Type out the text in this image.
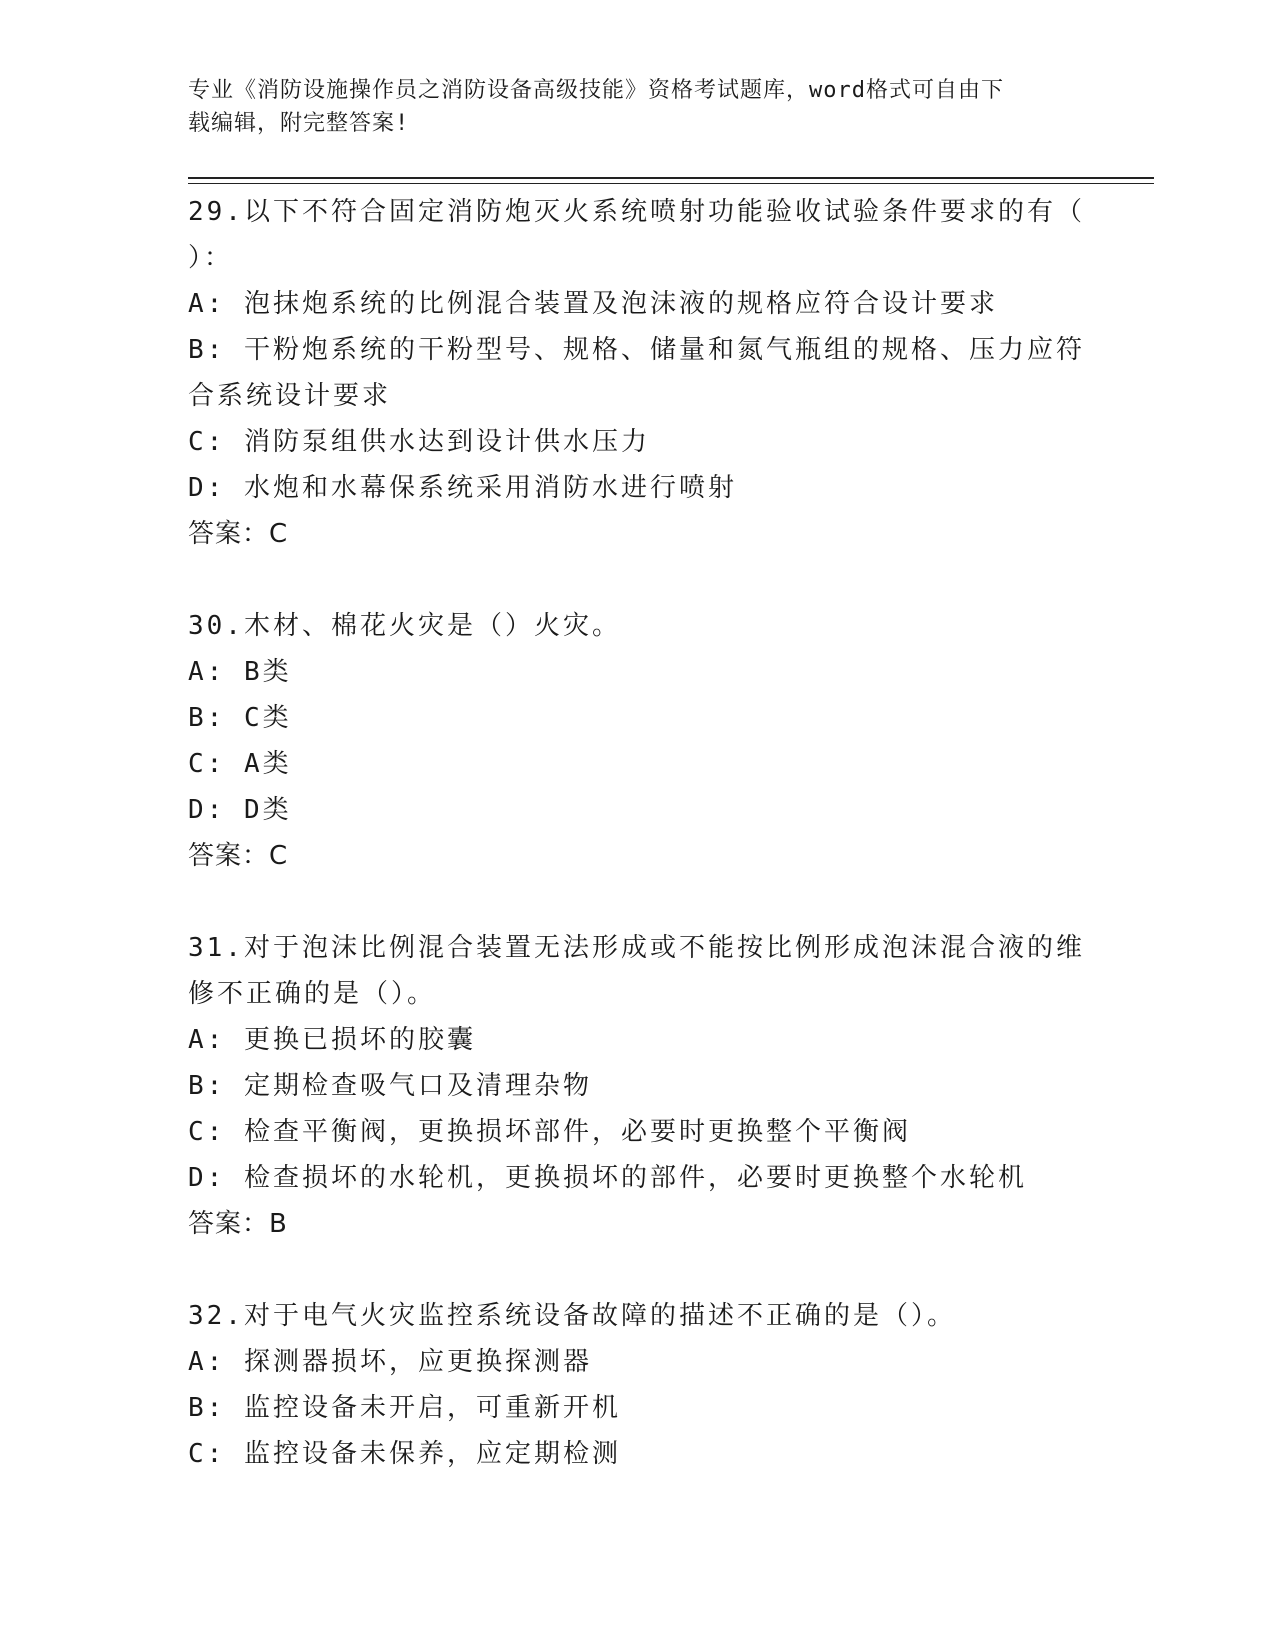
专业《消防设施操作员之消防设备高级技能》资格考试题库，word格式可自由下
载编辑，附完整答案!
29.以下不符合固定消防炮灭火系统喷射功能验收试验条件要求的有（
）：
A: 泡抹炮系统的比例混合装置及泡沫液的规格应符合设计要求
B: 干粉炮系统的干粉型号、规格、储量和氮气瓶组的规格、压力应符
合系统设计要求
C: 消防泵组供水达到设计供水压力
D: 水炮和水幕保系统采用消防水进行喷射
答案：C
30.木材、棉花火灾是（）火灾。
A: B类
B: C类
C: A类
D: D类
答案：C
31.对于泡沫比例混合装置无法形成或不能按比例形成泡沫混合液的维
修不正确的是（）。
A: 更换已损坏的胶囊
B: 定期检查吸气口及清理杂物
C: 检查平衡阀，更换损坏部件，必要时更换整个平衡阀
D: 检查损坏的水轮机，更换损坏的部件，必要时更换整个水轮机
答案：B
32.对于电气火灾监控系统设备故障的描述不正确的是（）。
A: 探测器损坏，应更换探测器
B: 监控设备未开启，可重新开机
C: 监控设备未保养，应定期检测
